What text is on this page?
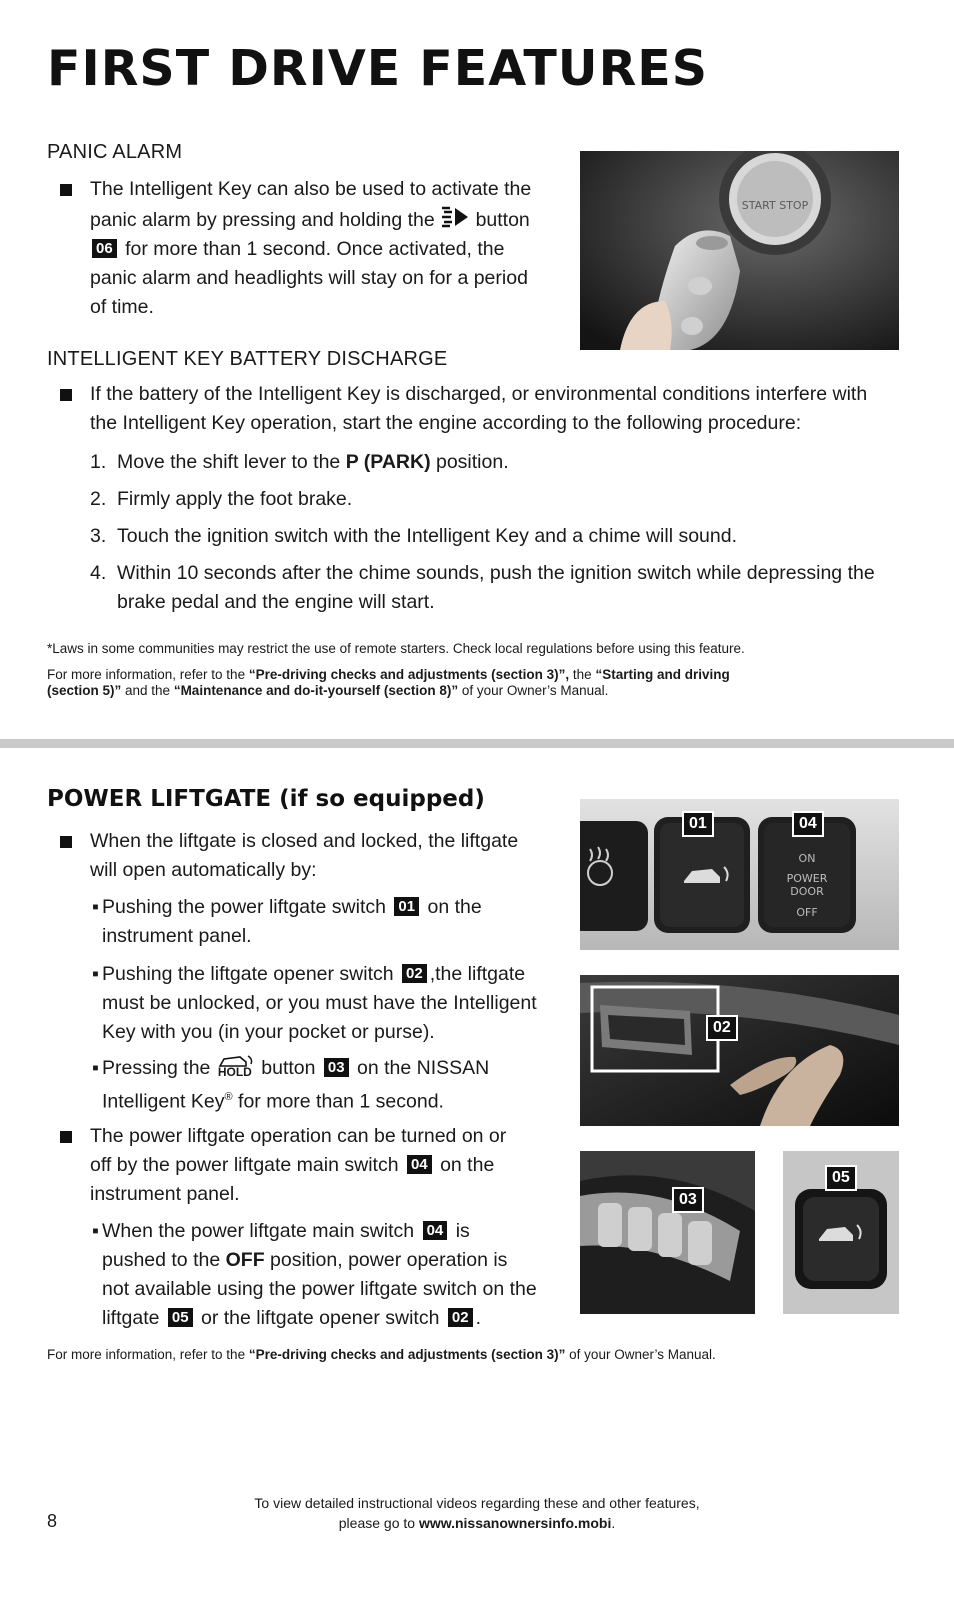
FIRST DRIVE FEATURES
PANIC ALARM
The Intelligent Key can also be used to activate the
panic alarm by pressing and holding the button
06 for more than 1 second. Once activated, the
panic alarm and headlights will stay on for a period
of time.
START STOP
INTELLIGENT KEY BATTERY DISCHARGE
If the battery of the Intelligent Key is discharged, or environmental conditions interfere with
the Intelligent Key operation, start the engine according to the following procedure:
1. Move the shift lever to the P (PARK) position.
2. Firmly apply the foot brake.
3. Touch the ignition switch with the Intelligent Key and a chime will sound.
4. Within 10 seconds after the chime sounds, push the ignition switch while depressing the
brake pedal and the engine will start.
*Laws in some communities may restrict the use of remote starters. Check local regulations before using this feature.
For more information, refer to the “Pre-driving checks and adjustments (section 3)”, the “Starting and driving
(section 5)” and the “Maintenance and do-it-yourself (section 8)” of your Owner’s Manual.
POWER LIFTGATE (if so equipped)
When the liftgate is closed and locked, the liftgate
will open automatically by:
▪ Pushing the power liftgate switch 01 on the
instrument panel.
▪ Pushing the liftgate opener switch 02 ,the liftgate
must be unlocked, or you must have the Intelligent
Key with you (in your pocket or purse).
▪ Pressing the HOLD button 03 on the NISSAN
Intelligent Key® for more than 1 second.
The power liftgate operation can be turned on or
off by the power liftgate main switch 04 on the
instrument panel.
▪ When the power liftgate main switch 04 is
pushed to the OFF position, power operation is
not available using the power liftgate switch on the
liftgate 05 or the liftgate opener switch 02 .
For more information, refer to the “Pre-driving checks and adjustments (section 3)” of your Owner’s Manual.
ON
POWER
DOOR
OFF
01	04
02
03
05
8
To view detailed instructional videos regarding these and other features,
please go to www.nissanownersinfo.mobi.
